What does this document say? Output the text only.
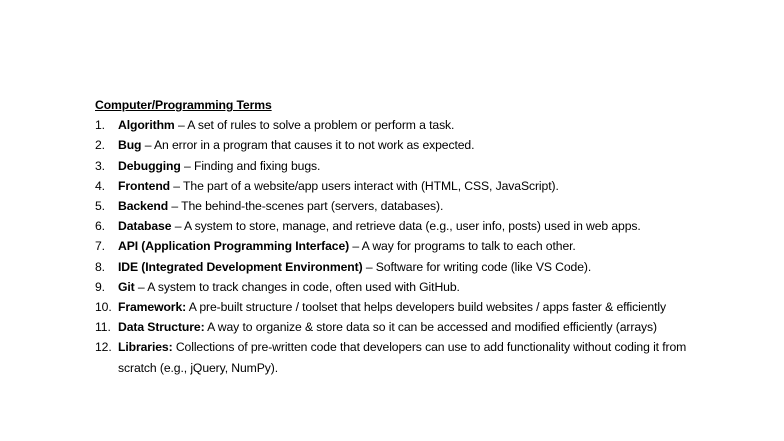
Computer/Programming Terms

1.	Algorithm – A set of rules to solve a problem or perform a task.
2.	Bug – An error in a program that causes it to not work as expected.
3.	Debugging – Finding and fixing bugs.
4.	Frontend – The part of a website/app users interact with (HTML, CSS, JavaScript).
5.	Backend – The behind-the-scenes part (servers, databases).
6.	Database – A system to store, manage, and retrieve data (e.g., user info, posts) used in web apps.
7.	API (Application Programming Interface) – A way for programs to talk to each other.
8.	IDE (Integrated Development Environment) – Software for writing code (like VS Code).
9.	Git – A system to track changes in code, often used with GitHub.
10. Framework: A pre-built structure / toolset that helps developers build websites / apps faster & efficiently
11. Data Structure: A way to organize & store data so it can be accessed and modified efficiently (arrays)
12. Libraries: Collections of pre-written code that developers can use to add functionality without coding it from scratch (e.g., jQuery, NumPy).
